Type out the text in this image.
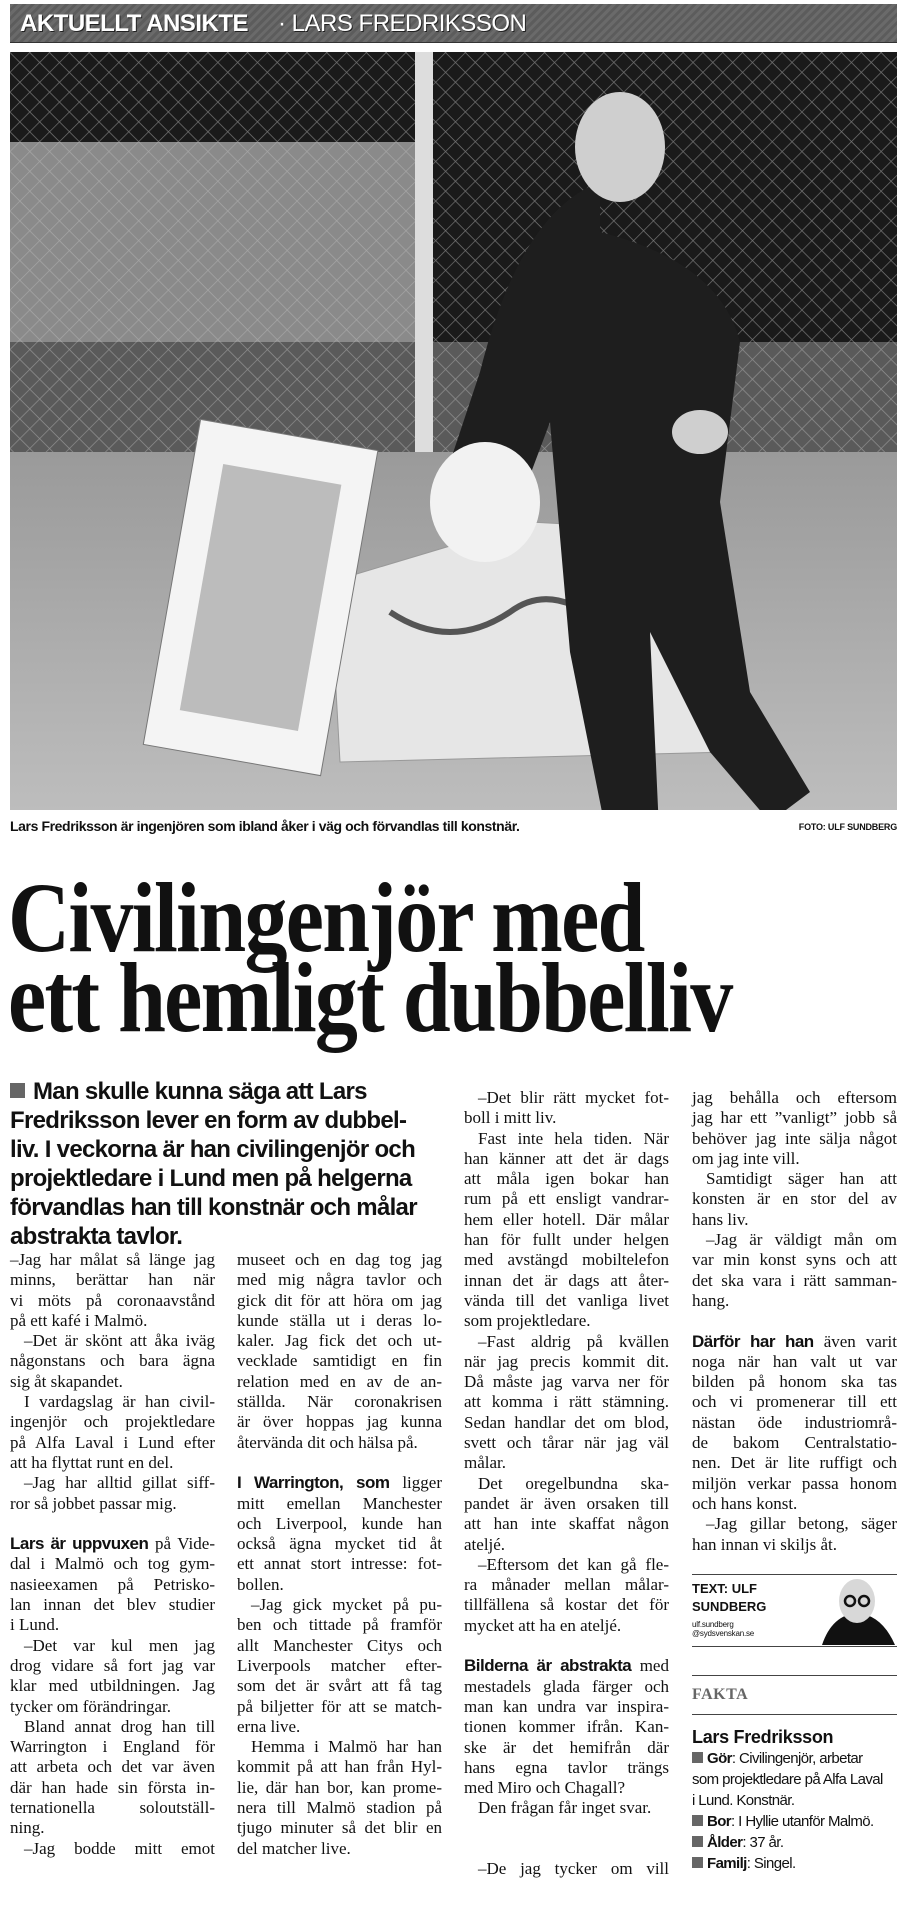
AKTUELLT ANSIKTE · LARS FREDRIKSSON
Lars Fredriksson är ingenjören som ibland åker i väg och förvandlas till konstnär.	FOTO: ULF SUNDBERG
Civilingenjör med
ett hemligt dubbelliv
Man skulle kunna säga att Lars
Fredriksson lever en form av dubbel-
liv. I veckorna är han civilingenjör och
projektledare i Lund men på helgerna
förvandlas han till konstnär och målar
abstrakta tavlor.
–Jag har målat så länge jag
minns, berättar han när
vi möts på coronaavstånd
på ett kafé i Malmö.
–Det är skönt att åka iväg
någonstans och bara ägna
sig åt skapandet.
I vardagslag är han civil-
ingenjör och projektledare
på Alfa Laval i Lund efter
att ha flyttat runt en del.
–Jag har alltid gillat siff-
ror så jobbet passar mig.
Lars är uppvuxen på Vide-
dal i Malmö och tog gym-
nasieexamen på Petrisko-
lan innan det blev studier
i Lund.
–Det var kul men jag
drog vidare så fort jag var
klar med utbildningen. Jag
tycker om förändringar.
Bland annat drog han till
Warrington i England för
att arbeta och det var även
där han hade sin första in-
ternationella soloutställ-
ning.
–Jag bodde mitt emot
museet och en dag tog jag
med mig några tavlor och
gick dit för att höra om jag
kunde ställa ut i deras lo-
kaler. Jag fick det och ut-
vecklade samtidigt en fin
relation med en av de an-
ställda. När coronakrisen
är över hoppas jag kunna
återvända dit och hälsa på.
I Warrington, som ligger
mitt emellan Manchester
och Liverpool, kunde han
också ägna mycket tid åt
ett annat stort intresse: fot-
bollen.
–Jag gick mycket på pu-
ben och tittade på framför
allt Manchester Citys och
Liverpools matcher efter-
som det är svårt att få tag
på biljetter för att se match-
erna live.
Hemma i Malmö har han
kommit på att han från Hyl-
lie, där han bor, kan prome-
nera till Malmö stadion på
tjugo minuter så det blir en
del matcher live.
–Det blir rätt mycket fot-
boll i mitt liv.
Fast inte hela tiden. När
han känner att det är dags
att måla igen bokar han
rum på ett ensligt vandrar-
hem eller hotell. Där målar
han för fullt under helgen
med avstängd mobiltelefon
innan det är dags att åter-
vända till det vanliga livet
som projektledare.
–Fast aldrig på kvällen
när jag precis kommit dit.
Då måste jag varva ner för
att komma i rätt stämning.
Sedan handlar det om blod,
svett och tårar när jag väl
målar.
Det oregelbundna ska-
pandet är även orsaken till
att han inte skaffat någon
ateljé.
–Eftersom det kan gå fle-
ra månader mellan målar-
tillfällena så kostar det för
mycket att ha en ateljé.
Bilderna är abstrakta med
mestadels glada färger och
man kan undra var inspira-
tionen kommer ifrån. Kan-
ske är det hemifrån där
hans egna tavlor trängs
med Miro och Chagall?
Den frågan får inget svar.
–De jag tycker om vill
jag behålla och eftersom
jag har ett ”vanligt” jobb så
behöver jag inte sälja något
om jag inte vill.
Samtidigt säger han att
konsten är en stor del av
hans liv.
–Jag är väldigt mån om
var min konst syns och att
det ska vara i rätt samman-
hang.
Därför har han även varit
noga när han valt ut var
bilden på honom ska tas
och vi promenerar till ett
nästan öde industriområ-
de bakom Centralstatio-
nen. Det är lite ruffigt och
miljön verkar passa honom
och hans konst.
–Jag gillar betong, säger
han innan vi skiljs åt.
TEXT: ULF
SUNDBERG
ulf.sundberg
@sydsvenskan.se
FAKTA
Lars Fredriksson
Gör: Civilingenjör, arbetar
som projektledare på Alfa Laval
i Lund. Konstnär.
Bor: I Hyllie utanför Malmö.
Ålder: 37 år.
Familj: Singel.
